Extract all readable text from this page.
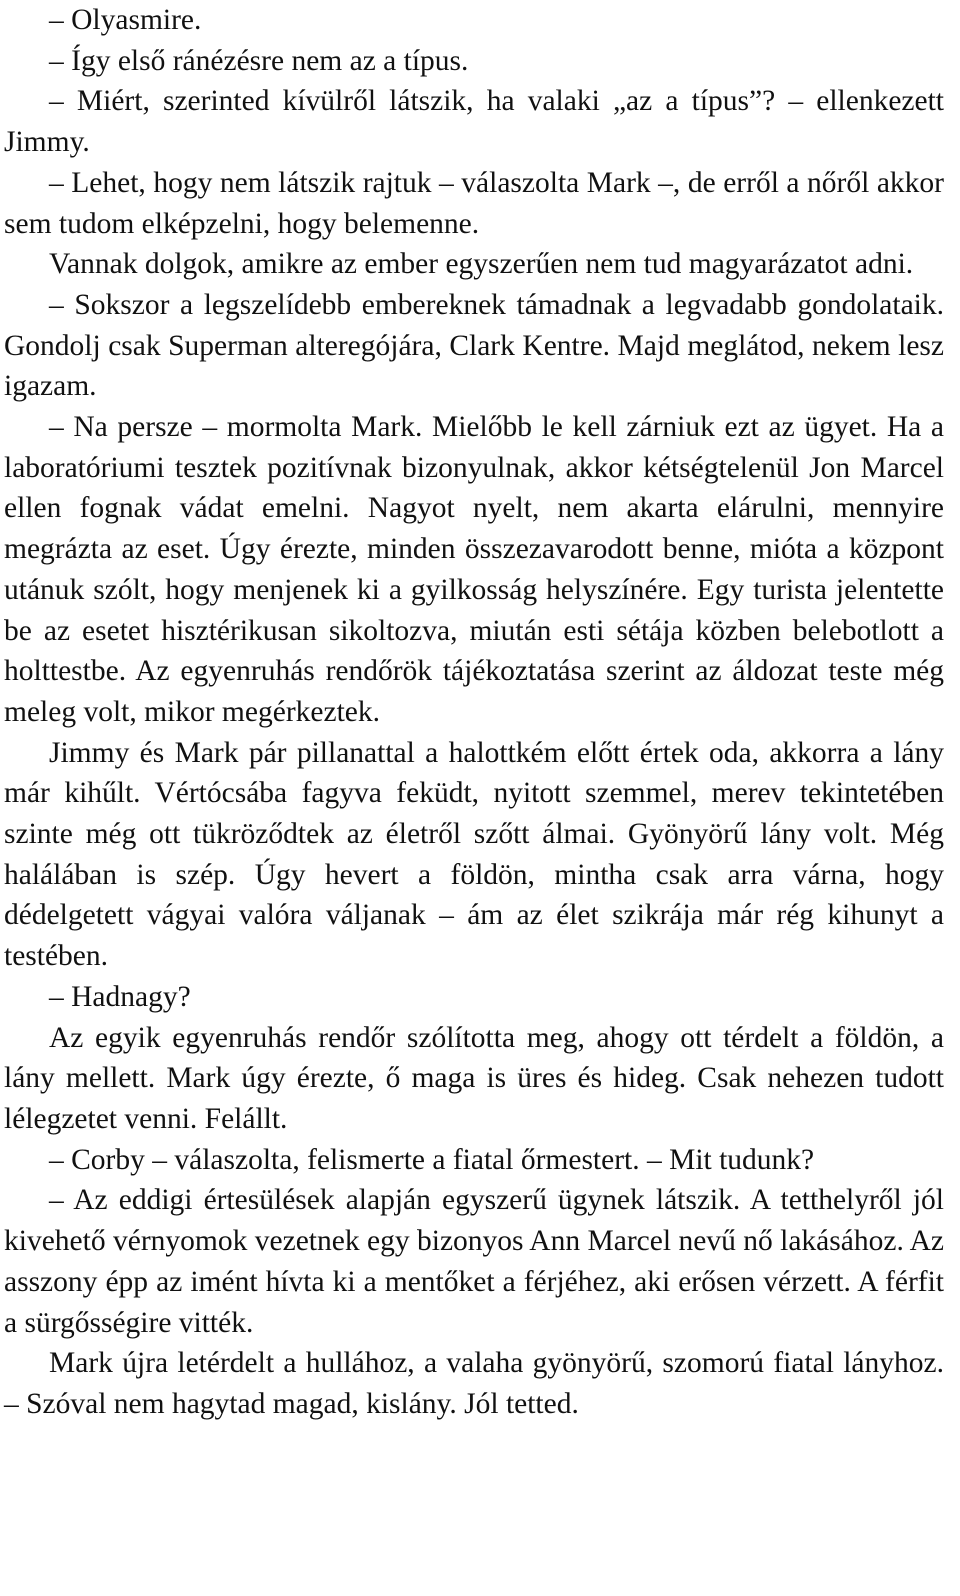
– Olyasmire.

– Így első ránézésre nem az a típus.

– Miért, szerinted kívülről látszik, ha valaki „az a típus”? – ellenkezett Jimmy.

– Lehet, hogy nem látszik rajtuk – válaszolta Mark –, de erről a nőről akkor sem tudom elképzelni, hogy belemenne.

Vannak dolgok, amikre az ember egyszerűen nem tud magyarázatot adni.

– Sokszor a legszelídebb embereknek támadnak a legvadabb gondolataik. Gondolj csak Superman alteregójára, Clark Kentre. Majd meglátod, nekem lesz igazam.

– Na persze – mormolta Mark. Mielőbb le kell zárniuk ezt az ügyet. Ha a laboratóriumi tesztek pozitívnak bizonyulnak, akkor kétségtelenül Jon Marcel ellen fognak vádat emelni. Nagyot nyelt, nem akarta elárulni, mennyire megrázta az eset. Úgy érezte, minden összezavarodott benne, mióta a központ utánuk szólt, hogy menjenek ki a gyilkosság helyszínére. Egy turista jelentette be az esetet hisztérikusan sikoltozva, miután esti sétája közben belebotlott a holttestbe. Az egyenruhás rendőrök tájékoztatása szerint az áldozat teste még meleg volt, mikor megérkeztek.

Jimmy és Mark pár pillanattal a halottkém előtt értek oda, akkorra a lány már kihűlt. Vértócsába fagyva feküdt, nyitott szemmel, merev tekintetében szinte még ott tükröződtek az életről szőtt álmai. Gyönyörű lány volt. Még halálában is szép. Úgy hevert a földön, mintha csak arra várna, hogy dédelgetett vágyai valóra váljanak – ám az élet szikrája már rég kihunyt a testében.

– Hadnagy?

Az egyik egyenruhás rendőr szólította meg, ahogy ott térdelt a földön, a lány mellett. Mark úgy érezte, ő maga is üres és hideg. Csak nehezen tudott lélegzetet venni. Felállt.

– Corby – válaszolta, felismerte a fiatal őrmestert. – Mit tudunk?

– Az eddigi értesülések alapján egyszerű ügynek látszik. A tetthelyről jól kivehető vérnyomok vezetnek egy bizonyos Ann Marcel nevű nő lakásához. Az asszony épp az imént hívta ki a mentőket a férjéhez, aki erősen vérzett. A férfit a sürgősségire vitték.

Mark újra letérdelt a hullához, a valaha gyönyörű, szomorú fiatal lányhoz. – Szóval nem hagytad magad, kislány. Jól tetted.
